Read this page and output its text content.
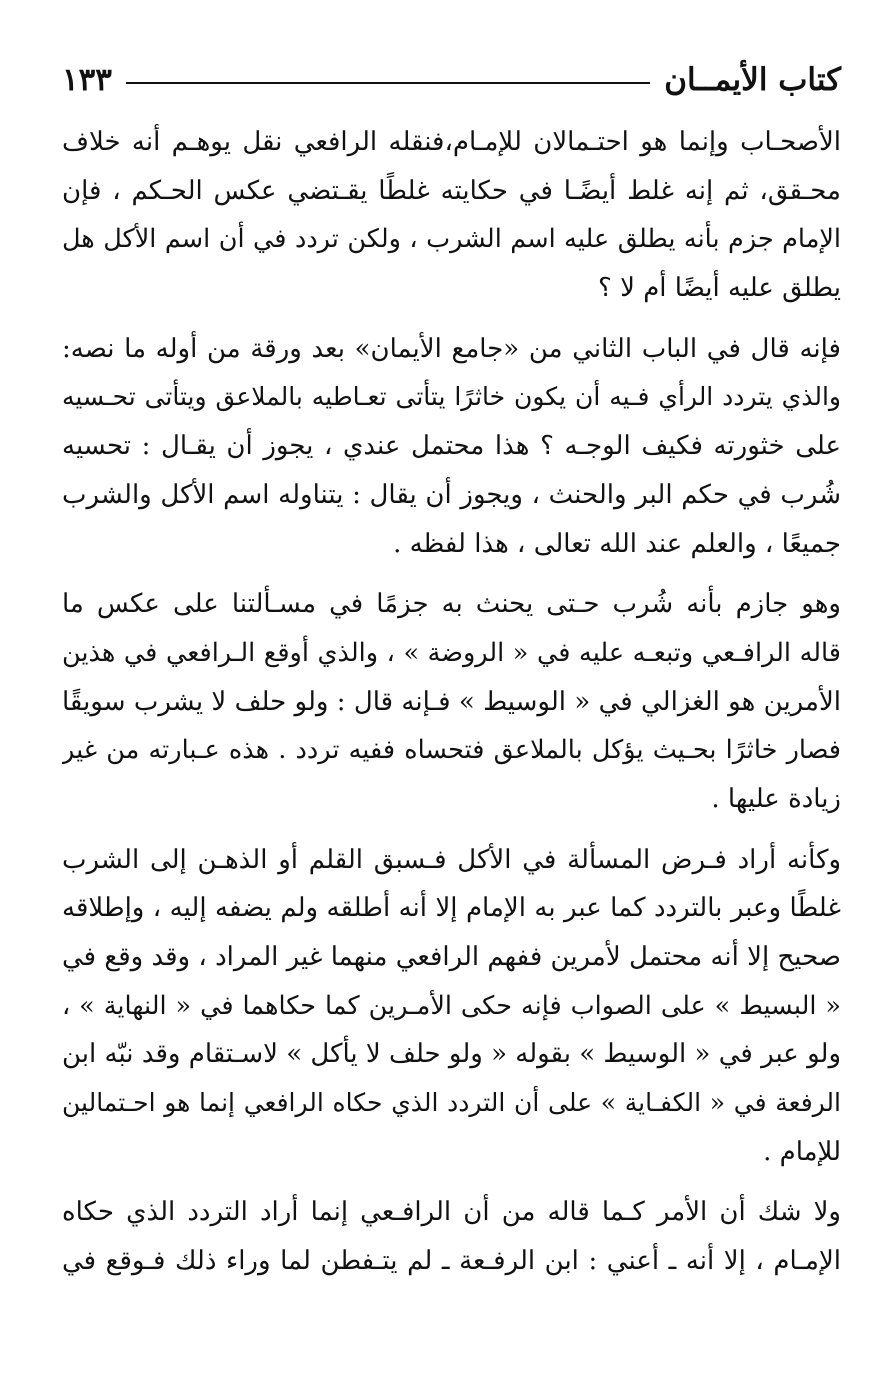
كتاب الأيمــان
١٣٣
الأصحـاب وإنما هو احتـمالان للإمـام،فنقله الرافعي نقل يوهـم أنه خلاف
محـقق، ثم إنه غلط أيضًـا في حكايته غلطًا يقـتضي عكس الحـكم ، فإن
الإمام جزم بأنه يطلق عليه اسم الشرب ، ولكن تردد في أن اسم الأكل هل
يطلق عليه أيضًا أم لا ؟
فإنه قال في الباب الثاني من «جامع الأيمان» بعد ورقة من أوله ما نصه:
والذي يتردد الرأي فـيه أن يكون خاثرًا يتأتى تعـاطيه بالملاعق ويتأتى تحـسيه
على خثورته فكيف الوجـه ؟ هذا محتمل عندي ، يجوز أن يقـال : تحسيه
شُرب في حكم البر والحنث ، ويجوز أن يقال : يتناوله اسم الأكل والشرب
جميعًا ، والعلم عند الله تعالى ، هذا لفظه .
وهو جازم بأنه شُرب حـتى يحنث به جزمًا في مسـألتنا على عكس ما
قاله الرافـعي وتبعـه عليه في « الروضة » ، والذي أوقع الـرافعي في هذين
الأمرين هو الغزالي في « الوسيط » فـإنه قال : ولو حلف لا يشرب سويقًا
فصار خاثرًا بحـيث يؤكل بالملاعق فتحساه ففيه تردد . هذه عـبارته من غير
زيادة عليها .
وكأنه أراد فـرض المسألة في الأكل فـسبق القلم أو الذهـن إلى الشرب
غلطًا وعبر بالتردد كما عبر به الإمام إلا أنه أطلقه ولم يضفه إليه ، وإطلاقه
صحيح إلا أنه محتمل لأمرين ففهم الرافعي منهما غير المراد ، وقد وقع في
« البسيط » على الصواب فإنه حكى الأمـرين كما حكاهما في « النهاية » ،
ولو عبر في « الوسيط » بقوله « ولو حلف لا يأكل » لاسـتقام وقد نبّه ابن
الرفعة في « الكفـاية » على أن التردد الذي حكاه الرافعي إنما هو احـتمالين
للإمام .
ولا شك أن الأمر كـما قاله من أن الرافـعي إنما أراد التردد الذي حكاه
الإمـام ، إلا أنه ـ أعني : ابن الرفـعة ـ لم يتـفطن لما وراء ذلك فـوقع في
